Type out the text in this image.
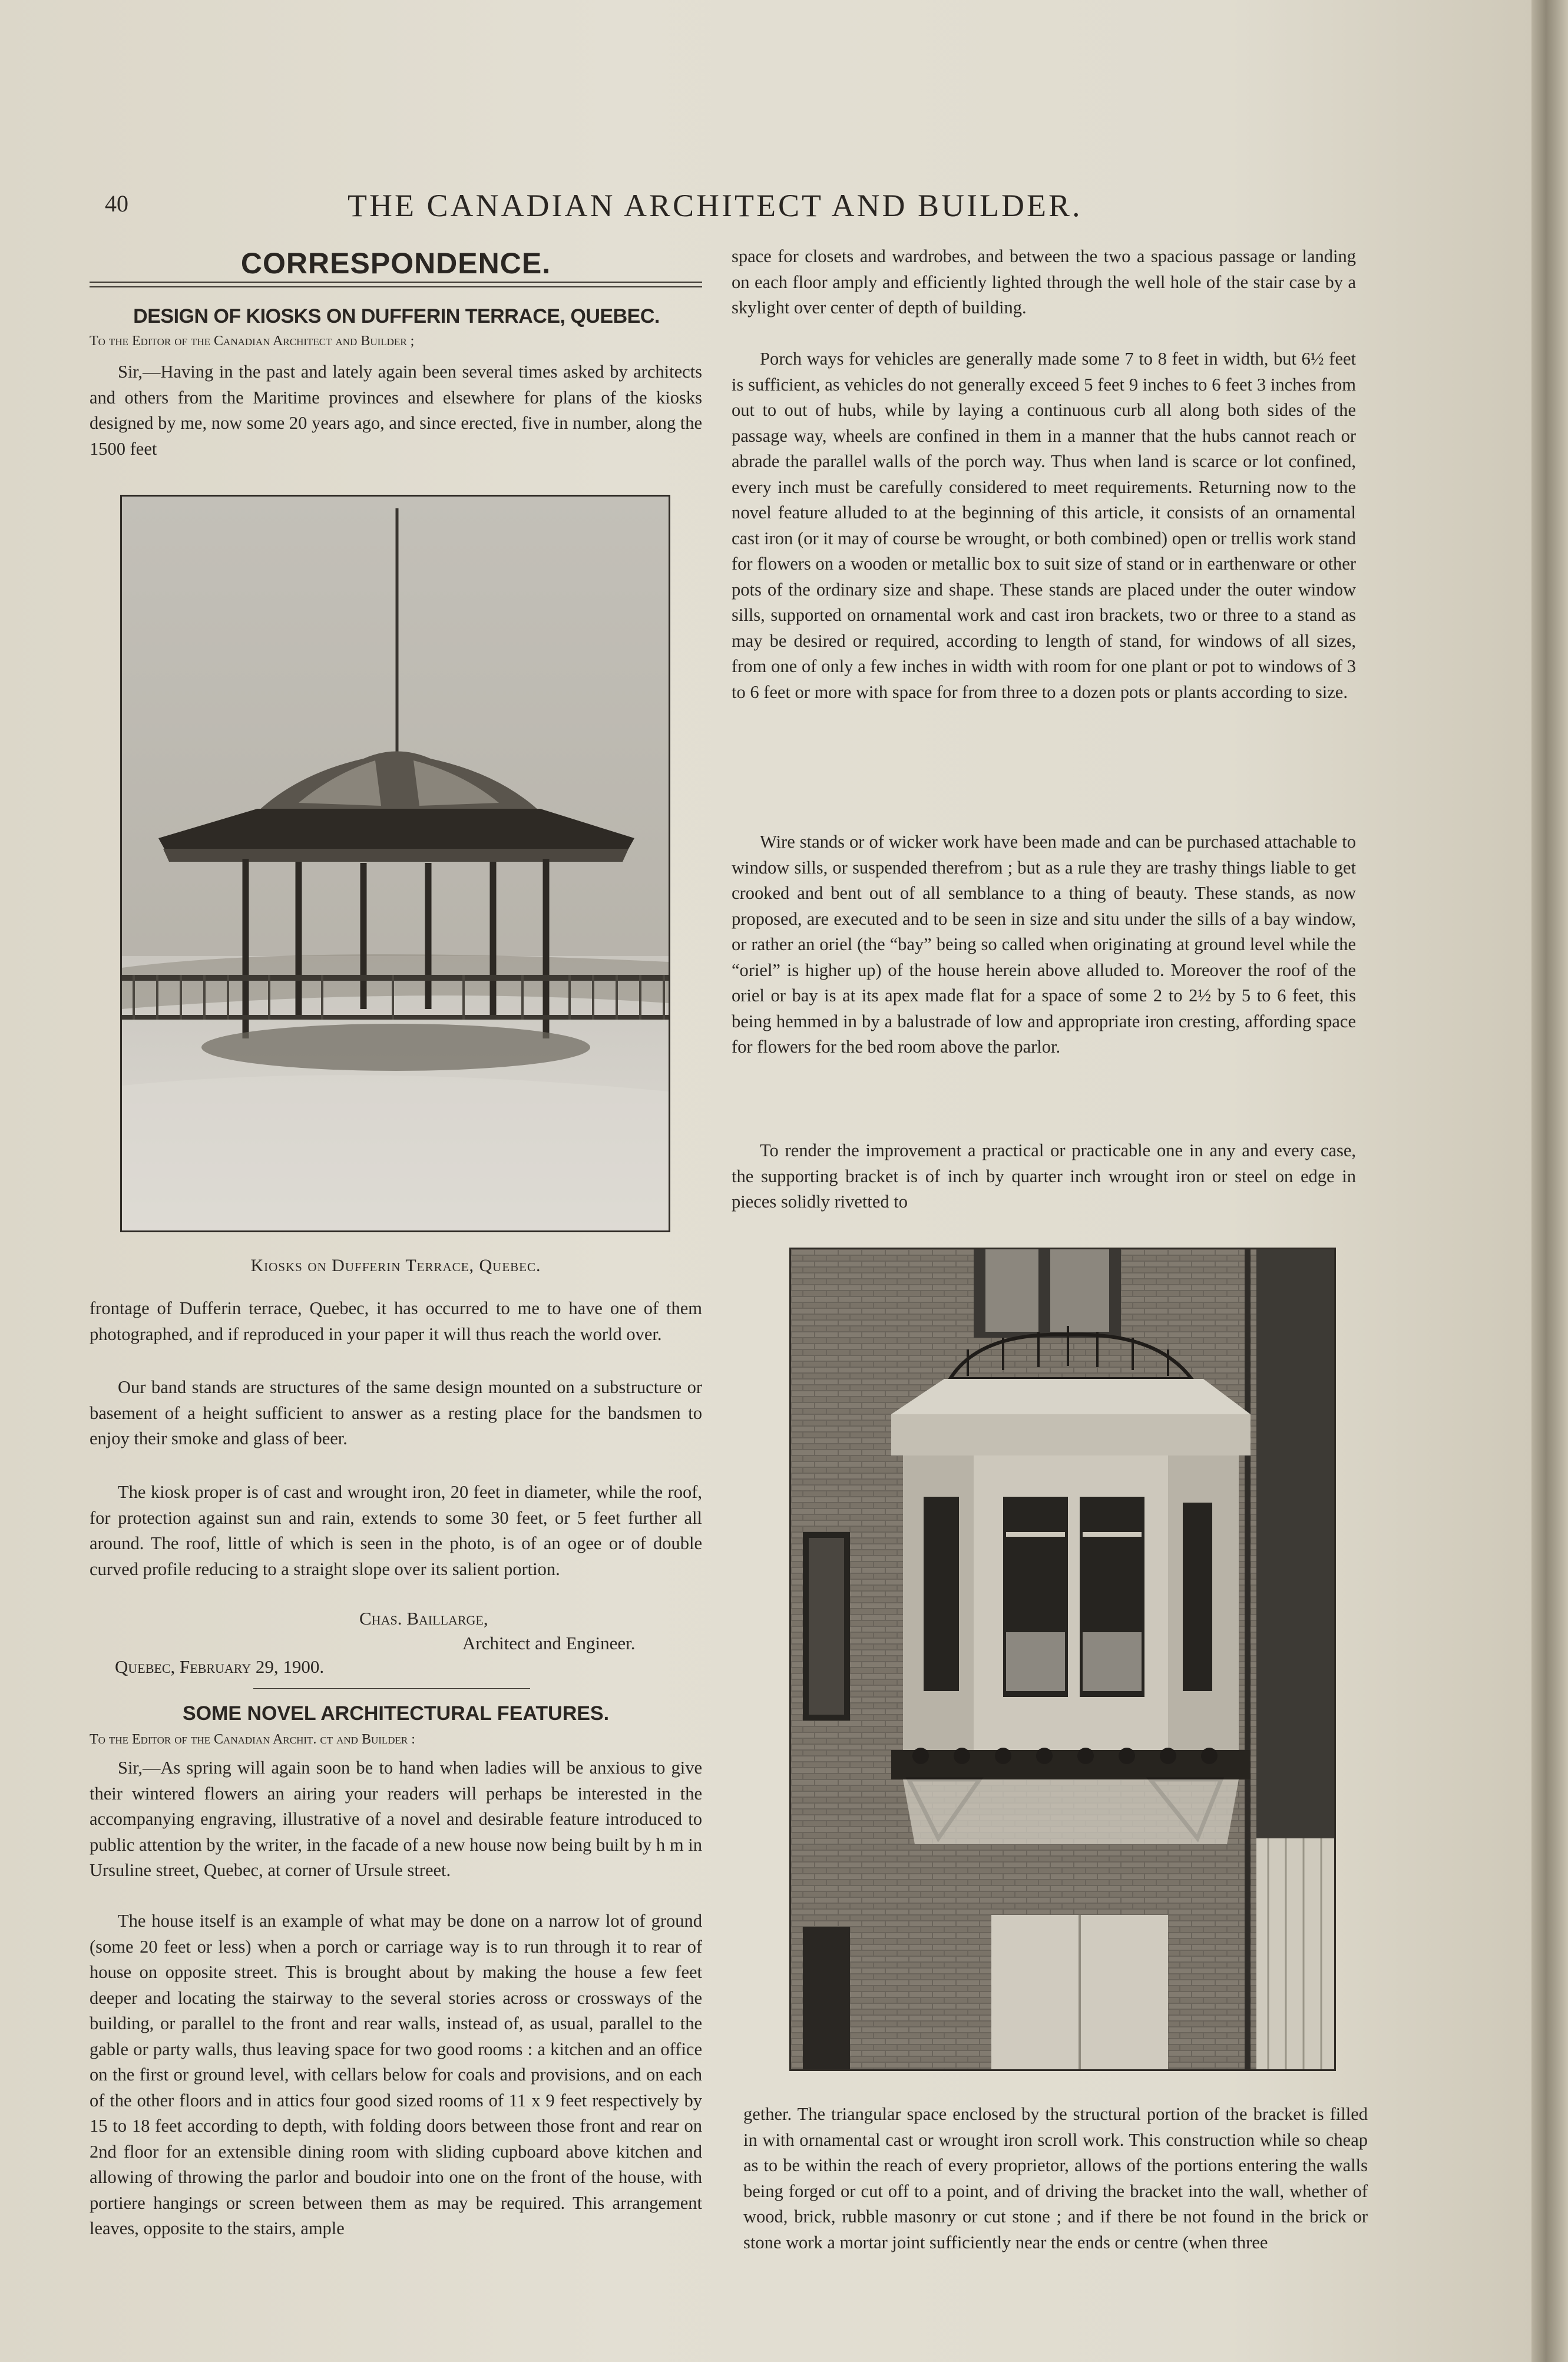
40	THE CANADIAN ARCHITECT AND BUILDER.
CORRESPONDENCE.
DESIGN OF KIOSKS ON DUFFERIN TERRACE, QUEBEC.
To the Editor of the Canadian Architect and Builder ;

Sir,—Having in the past and lately again been several times asked by architects and others from the Maritime provinces and elsewhere for plans of the kiosks designed by me, now some 20 years ago, and since erected, five in number, along the 1500 feet

Kiosks on Dufferin Terrace, Quebec.

frontage of Dufferin terrace, Quebec, it has occurred to me to have one of them photographed, and if reproduced in your paper it will thus reach the world over.

Our band stands are structures of the same design mounted on a substructure or basement of a height sufficient to answer as a resting place for the bandsmen to enjoy their smoke and glass of beer.

The kiosk proper is of cast and wrought iron, 20 feet in diameter, while the roof, for protection against sun and rain, extends to some 30 feet, or 5 feet further all around. The roof, little of which is seen in the photo, is of an ogee or of double curved profile reducing to a straight slope over its salient portion.

Chas. Baillarge,
Architect and Engineer.
Quebec, February 29, 1900.
SOME NOVEL ARCHITECTURAL FEATURES.
To the Editor of the Canadian Archit. ct and Builder :

Sir,—As spring will again soon be to hand when ladies will be anxious to give their wintered flowers an airing your readers will perhaps be interested in the accompanying engraving, illustrative of a novel and desirable feature introduced to public attention by the writer, in the facade of a new house now being built by h m in Ursuline street, Quebec, at corner of Ursule street.

The house itself is an example of what may be done on a narrow lot of ground (some 20 feet or less) when a porch or carriage way is to run through it to rear of house on opposite street. This is brought about by making the house a few feet deeper and locating the stairway to the several stories across or crossways of the building, or parallel to the front and rear walls, instead of, as usual, parallel to the gable or party walls, thus leaving space for two good rooms : a kitchen and an office on the first or ground level, with cellars below for coals and provisions, and on each of the other floors and in attics four good sized rooms of 11 x 9 feet respectively by 15 to 18 feet according to depth, with folding doors between those front and rear on 2nd floor for an extensible dining room with sliding cupboard above kitchen and allowing of throwing the parlor and boudoir into one on the front of the house, with portiere hangings or screen between them as may be required. This arrangement leaves, opposite to the stairs, ample

space for closets and wardrobes, and between the two a spacious passage or landing on each floor amply and efficiently lighted through the well hole of the stair case by a skylight over center of depth of building.

Porch ways for vehicles are generally made some 7 to 8 feet in width, but 6½ feet is sufficient, as vehicles do not generally exceed 5 feet 9 inches to 6 feet 3 inches from out to out of hubs, while by laying a continuous curb all along both sides of the passage way, wheels are confined in them in a manner that the hubs cannot reach or abrade the parallel walls of the porch way. Thus when land is scarce or lot confined, every inch must be carefully considered to meet requirements. Returning now to the novel feature alluded to at the beginning of this article, it consists of an ornamental cast iron (or it may of course be wrought, or both combined) open or trellis work stand for flowers on a wooden or metallic box to suit size of stand or in earthenware or other pots of the ordinary size and shape. These stands are placed under the outer window sills, supported on ornamental work and cast iron brackets, two or three to a stand as may be desired or required, according to length of stand, for windows of all sizes, from one of only a few inches in width with room for one plant or pot to windows of 3 to 6 feet or more with space for from three to a dozen pots or plants according to size.

Wire stands or of wicker work have been made and can be purchased attachable to window sills, or suspended therefrom ; but as a rule they are trashy things liable to get crooked and bent out of all semblance to a thing of beauty. These stands, as now proposed, are executed and to be seen in size and situ under the sills of a bay window, or rather an oriel (the “bay” being so called when originating at ground level while the “oriel” is higher up) of the house herein above alluded to. Moreover the roof of the oriel or bay is at its apex made flat for a space of some 2 to 2½ by 5 to 6 feet, this being hemmed in by a balustrade of low and appropriate iron cresting, affording space for flowers for the bed room above the parlor.

To render the improvement a practical or practicable one in any and every case, the supporting bracket is of inch by quarter inch wrought iron or steel on edge in pieces solidly rivetted to

gether. The triangular space enclosed by the structural portion of the bracket is filled in with ornamental cast or wrought iron scroll work. This construction while so cheap as to be within the reach of every proprietor, allows of the portions entering the walls being forged or cut off to a point, and of driving the bracket into the wall, whether of wood, brick, rubble masonry or cut stone ; and if there be not found in the brick or stone work a mortar joint sufficiently near the ends or centre (when three
